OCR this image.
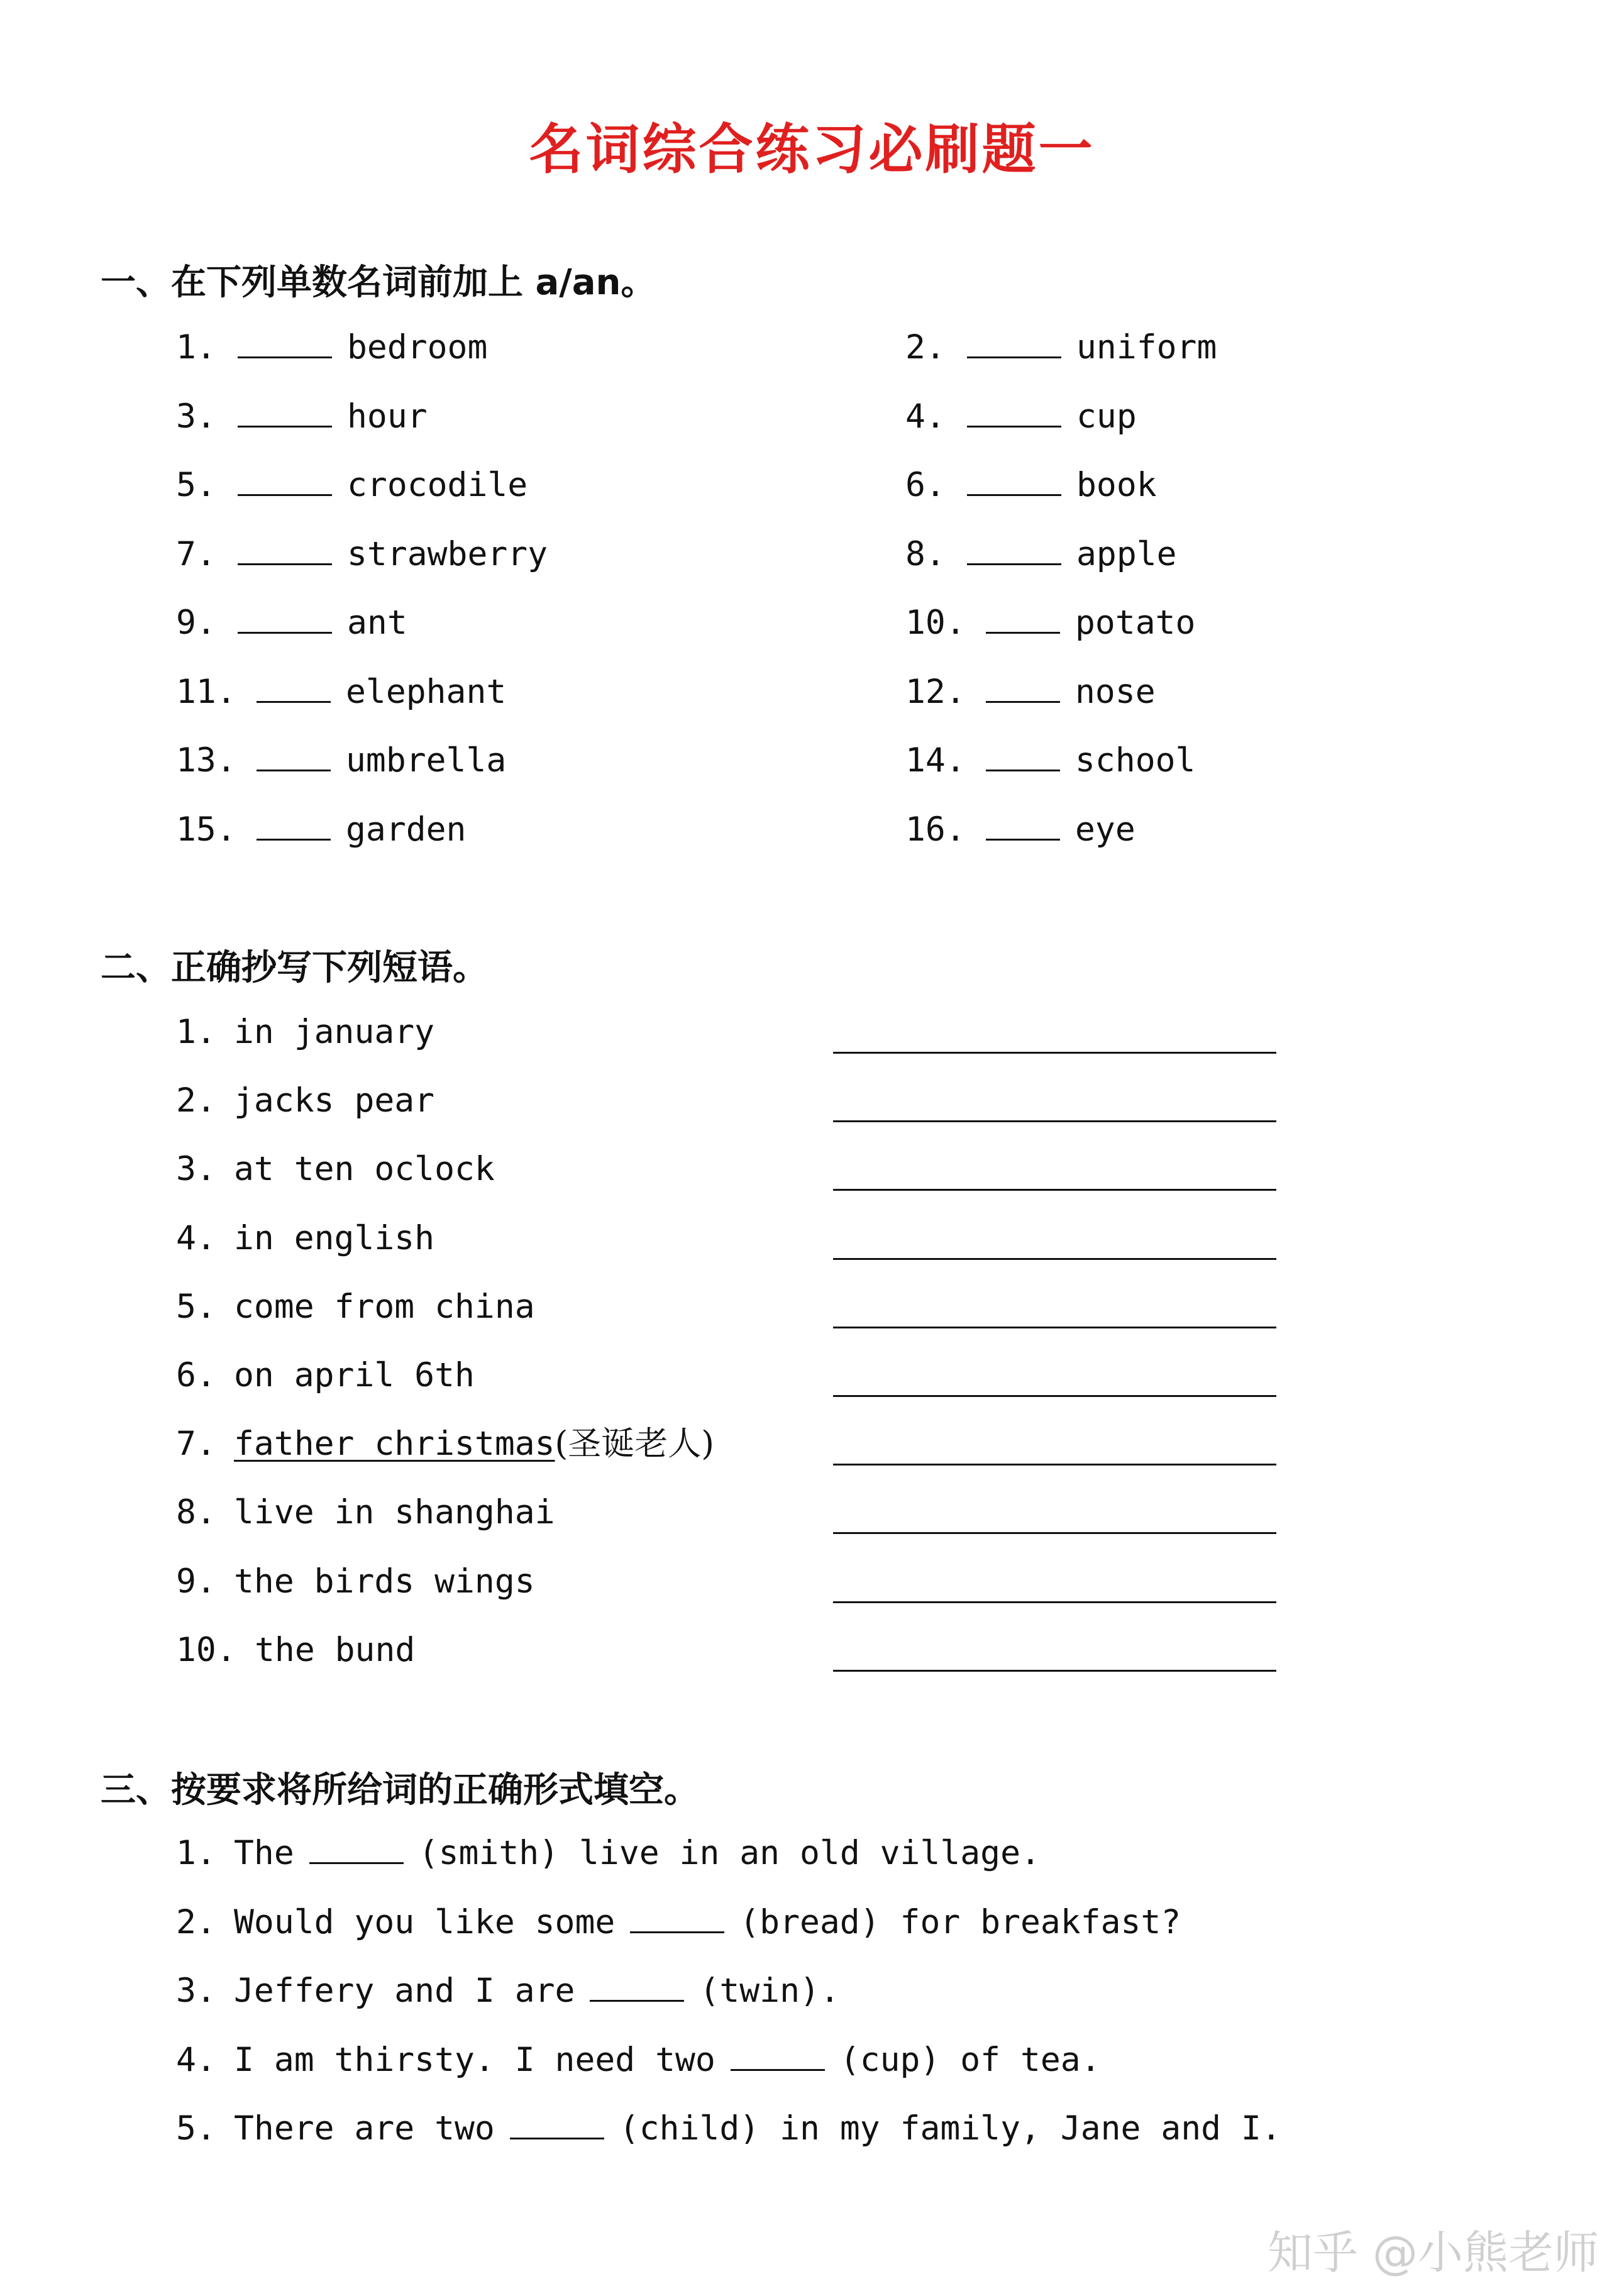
名词综合练习必刷题一
一、在下列单数名词前加上 a/an。
1.	bedroom	2.	uniform
3.	hour	4.	cup
5.	crocodile	6.	book
7.	strawberry	8.	apple
9.	ant	10.	potato
11.	elephant	12.	nose
13.	umbrella	14.	school
15.	garden	16.	eye
二、正确抄写下列短语。
1. in january
2. jacks pear
3. at ten oclock
4. in english
5. come from china
6. on april 6th
7. father christmas(圣诞老人)
8. live in shanghai
9. the birds wings
10. the bund
三、按要求将所给词的正确形式填空。
1. The	(smith) live in an old village.
2. Would you like some	(bread) for breakfast?
3. Jeffery and I are	(twin).
4. I am thirsty. I need two	(cup) of tea.
5. There are two	(child) in my family, Jane and I.
知乎 @小熊老师
